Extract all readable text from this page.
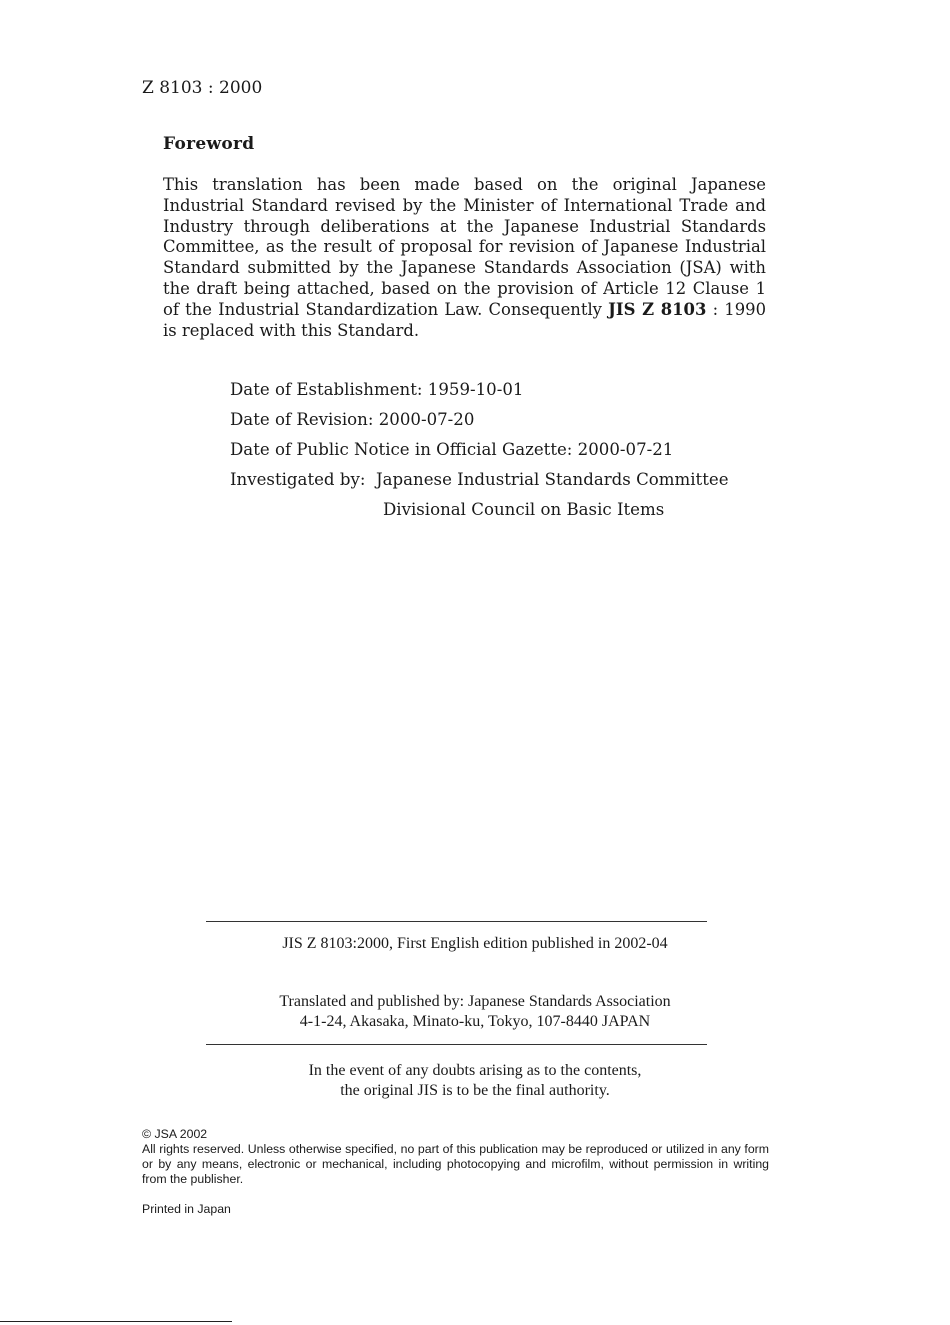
Z 8103 : 2000
Foreword
This translation has been made based on the original Japanese Industrial Standard revised by the Minister of International Trade and Industry through deliberations at the Japanese Industrial Standards Committee, as the result of proposal for revision of Japanese Industrial Standard submitted by the Japanese Standards Association (JSA) with the draft being attached, based on the provision of Article 12 Clause 1 of the Industrial Standardization Law. Consequently JIS Z 8103 : 1990 is replaced with this Standard.
Date of Establishment: 1959-10-01
Date of Revision: 2000-07-20
Date of Public Notice in Official Gazette: 2000-07-21
Investigated by: Japanese Industrial Standards Committee
Divisional Council on Basic Items
JIS Z 8103:2000, First English edition published in 2002-04
Translated and published by: Japanese Standards Association
4-1-24, Akasaka, Minato-ku, Tokyo, 107-8440 JAPAN
In the event of any doubts arising as to the contents,
the original JIS is to be the final authority.
© JSA 2002
All rights reserved. Unless otherwise specified, no part of this publication may be reproduced or utilized in any form or by any means, electronic or mechanical, including photocopying and microfilm, without permission in writing from the publisher.
Printed in Japan
